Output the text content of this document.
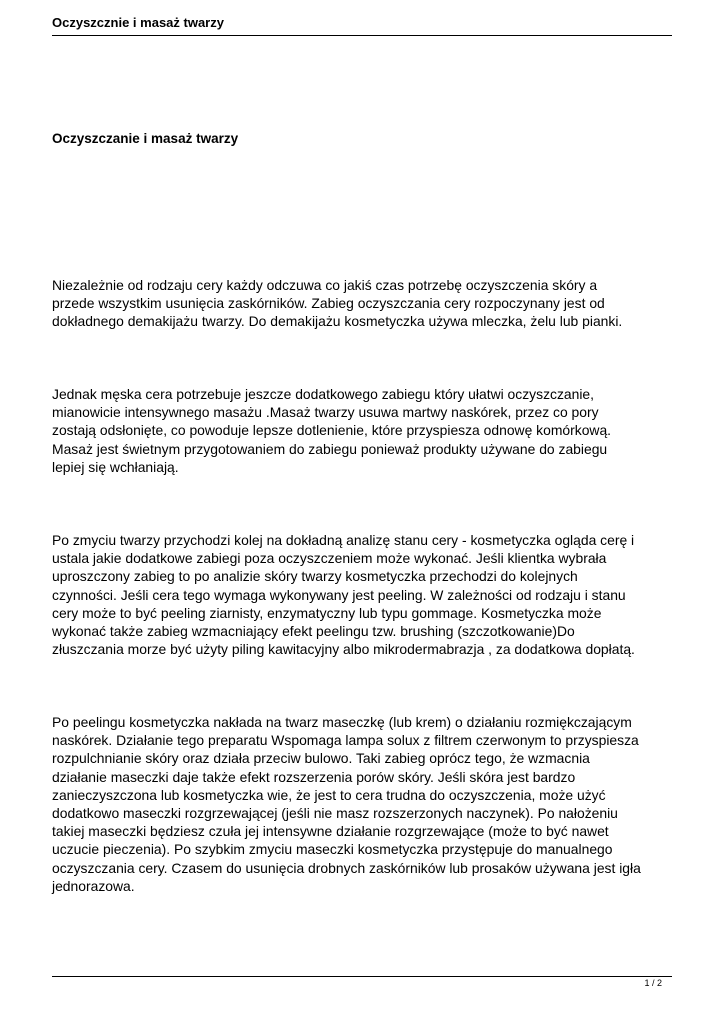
Oczyszcznie i masaż twarzy
Oczyszczanie i masaż twarzy

Niezależnie od rodzaju cery każdy odczuwa co jakiś czas potrzebę oczyszczenia skóry a
przede wszystkim usunięcia zaskórników. Zabieg oczyszczania cery rozpoczynany jest od
dokładnego demakijażu twarzy. Do demakijażu kosmetyczka używa mleczka, żelu lub pianki.

Jednak męska cera potrzebuje jeszcze dodatkowego zabiegu który ułatwi oczyszczanie,
mianowicie intensywnego masażu .Masaż twarzy usuwa martwy naskórek, przez co pory
zostają odsłonięte, co powoduje lepsze dotlenienie, które przyspiesza odnowę komórkową.
Masaż jest świetnym przygotowaniem do zabiegu ponieważ produkty używane do zabiegu
lepiej się wchłaniają.

Po zmyciu twarzy przychodzi kolej na dokładną analizę stanu cery - kosmetyczka ogląda cerę i
ustala jakie dodatkowe zabiegi poza oczyszczeniem może wykonać. Jeśli klientka wybrała
uproszczony zabieg to po analizie skóry twarzy kosmetyczka przechodzi do kolejnych
czynności. Jeśli cera tego wymaga wykonywany jest peeling. W zależności od rodzaju i stanu
cery może to być peeling ziarnisty, enzymatyczny lub typu gommage. Kosmetyczka może
wykonać także zabieg wzmacniający efekt peelingu tzw. brushing (szczotkowanie)Do
złuszczania morze być użyty piling kawitacyjny albo mikrodermabrazja , za dodatkowa dopłatą.

Po peelingu kosmetyczka nakłada na twarz maseczkę (lub krem) o działaniu rozmiękczającym
naskórek. Działanie tego preparatu Wspomaga lampa solux z filtrem czerwonym to przyspiesza
rozpulchnianie skóry oraz działa przeciw bulowo. Taki zabieg oprócz tego, że wzmacnia
działanie maseczki daje także efekt rozszerzenia porów skóry. Jeśli skóra jest bardzo
zanieczyszczona lub kosmetyczka wie, że jest to cera trudna do oczyszczenia, może użyć
dodatkowo maseczki rozgrzewającej (jeśli nie masz rozszerzonych naczynek). Po nałożeniu
takiej maseczki będziesz czuła jej intensywne działanie rozgrzewające (może to być nawet
uczucie pieczenia). Po szybkim zmyciu maseczki kosmetyczka przystępuje do manualnego
oczyszczania cery. Czasem do usunięcia drobnych zaskórników lub prosaków używana jest igła
jednorazowa.

1 / 2
